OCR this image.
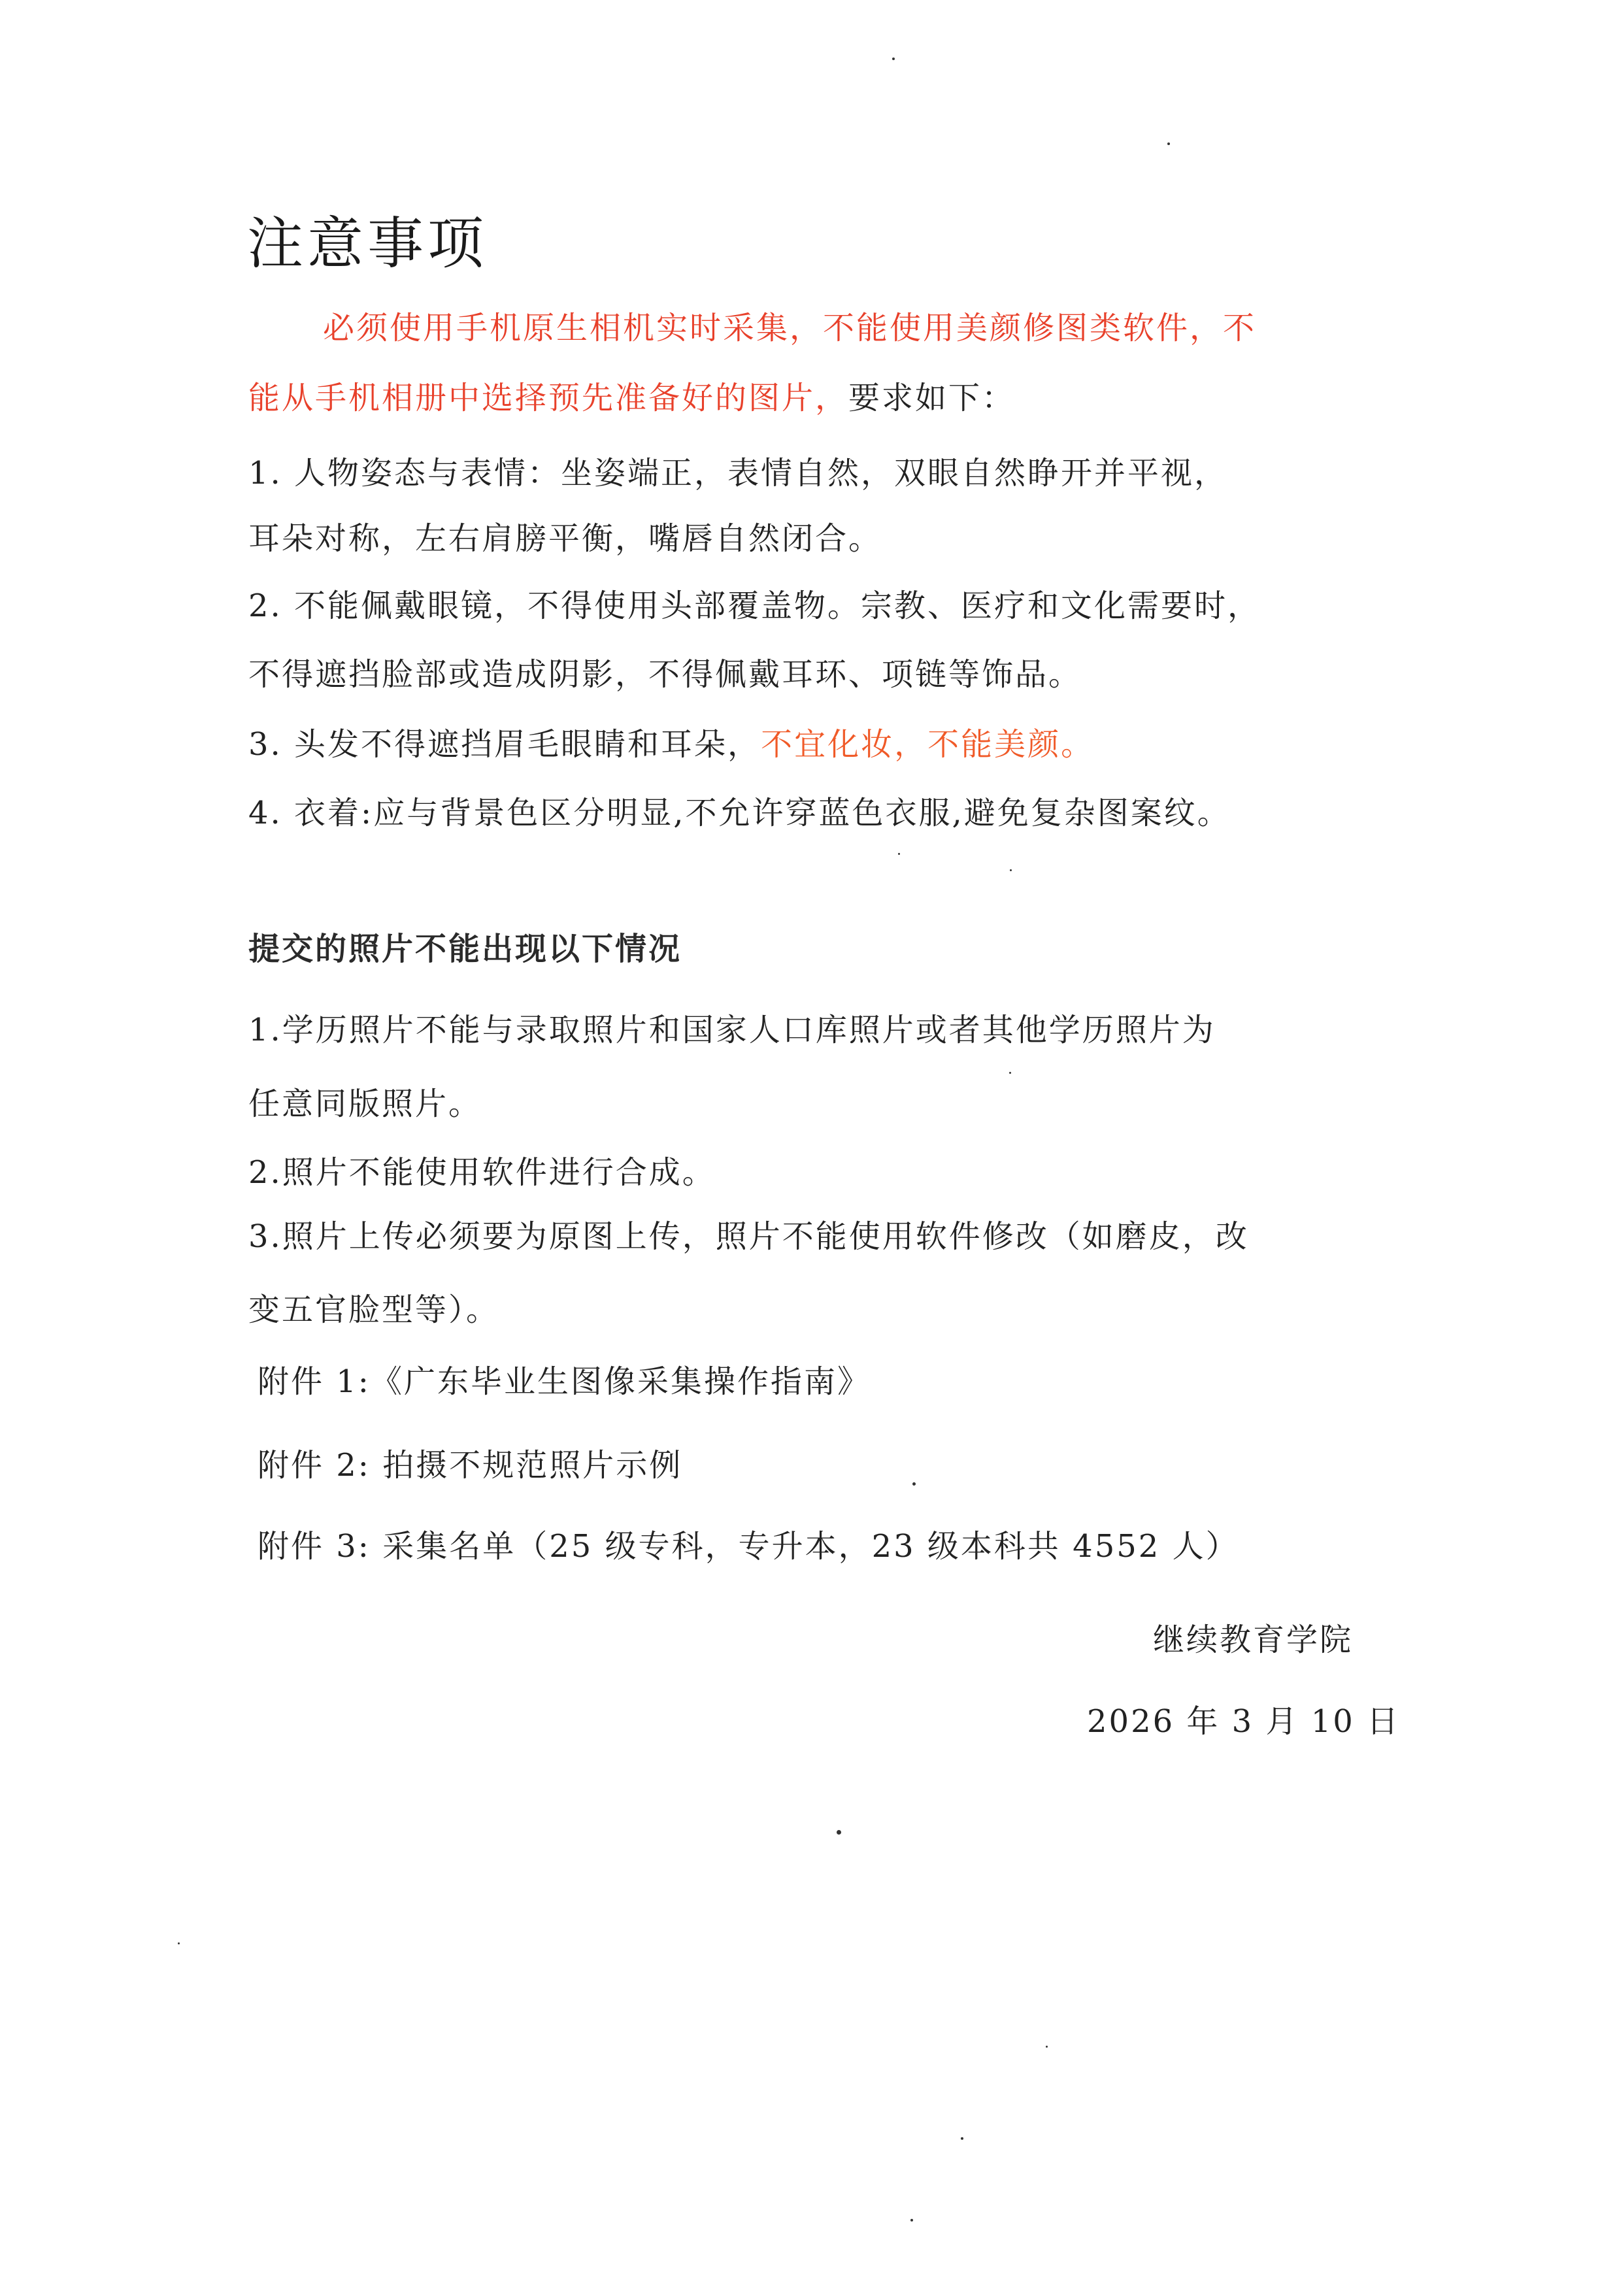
注意事项
必须使用手机原生相机实时采集，不能使用美颜修图类软件，不
能从手机相册中选择预先准备好的图片，要求如下：
1. 人物姿态与表情：坐姿端正，表情自然，双眼自然睁开并平视，
耳朵对称，左右肩膀平衡，嘴唇自然闭合。
2. 不能佩戴眼镜，不得使用头部覆盖物。宗教、医疗和文化需要时，
不得遮挡脸部或造成阴影，不得佩戴耳环、项链等饰品。
3. 头发不得遮挡眉毛眼睛和耳朵，不宜化妆，不能美颜。
4. 衣着:应与背景色区分明显,不允许穿蓝色衣服,避免复杂图案纹。
提交的照片不能出现以下情况
1.学历照片不能与录取照片和国家人口库照片或者其他学历照片为
任意同版照片。
2.照片不能使用软件进行合成。
3.照片上传必须要为原图上传，照片不能使用软件修改（如磨皮，改
变五官脸型等）。
附件 1:《广东毕业生图像采集操作指南》
附件 2: 拍摄不规范照片示例
附件 3: 采集名单（25 级专科，专升本，23 级本科共 4552 人）
继续教育学院
2026 年 3 月 10 日
